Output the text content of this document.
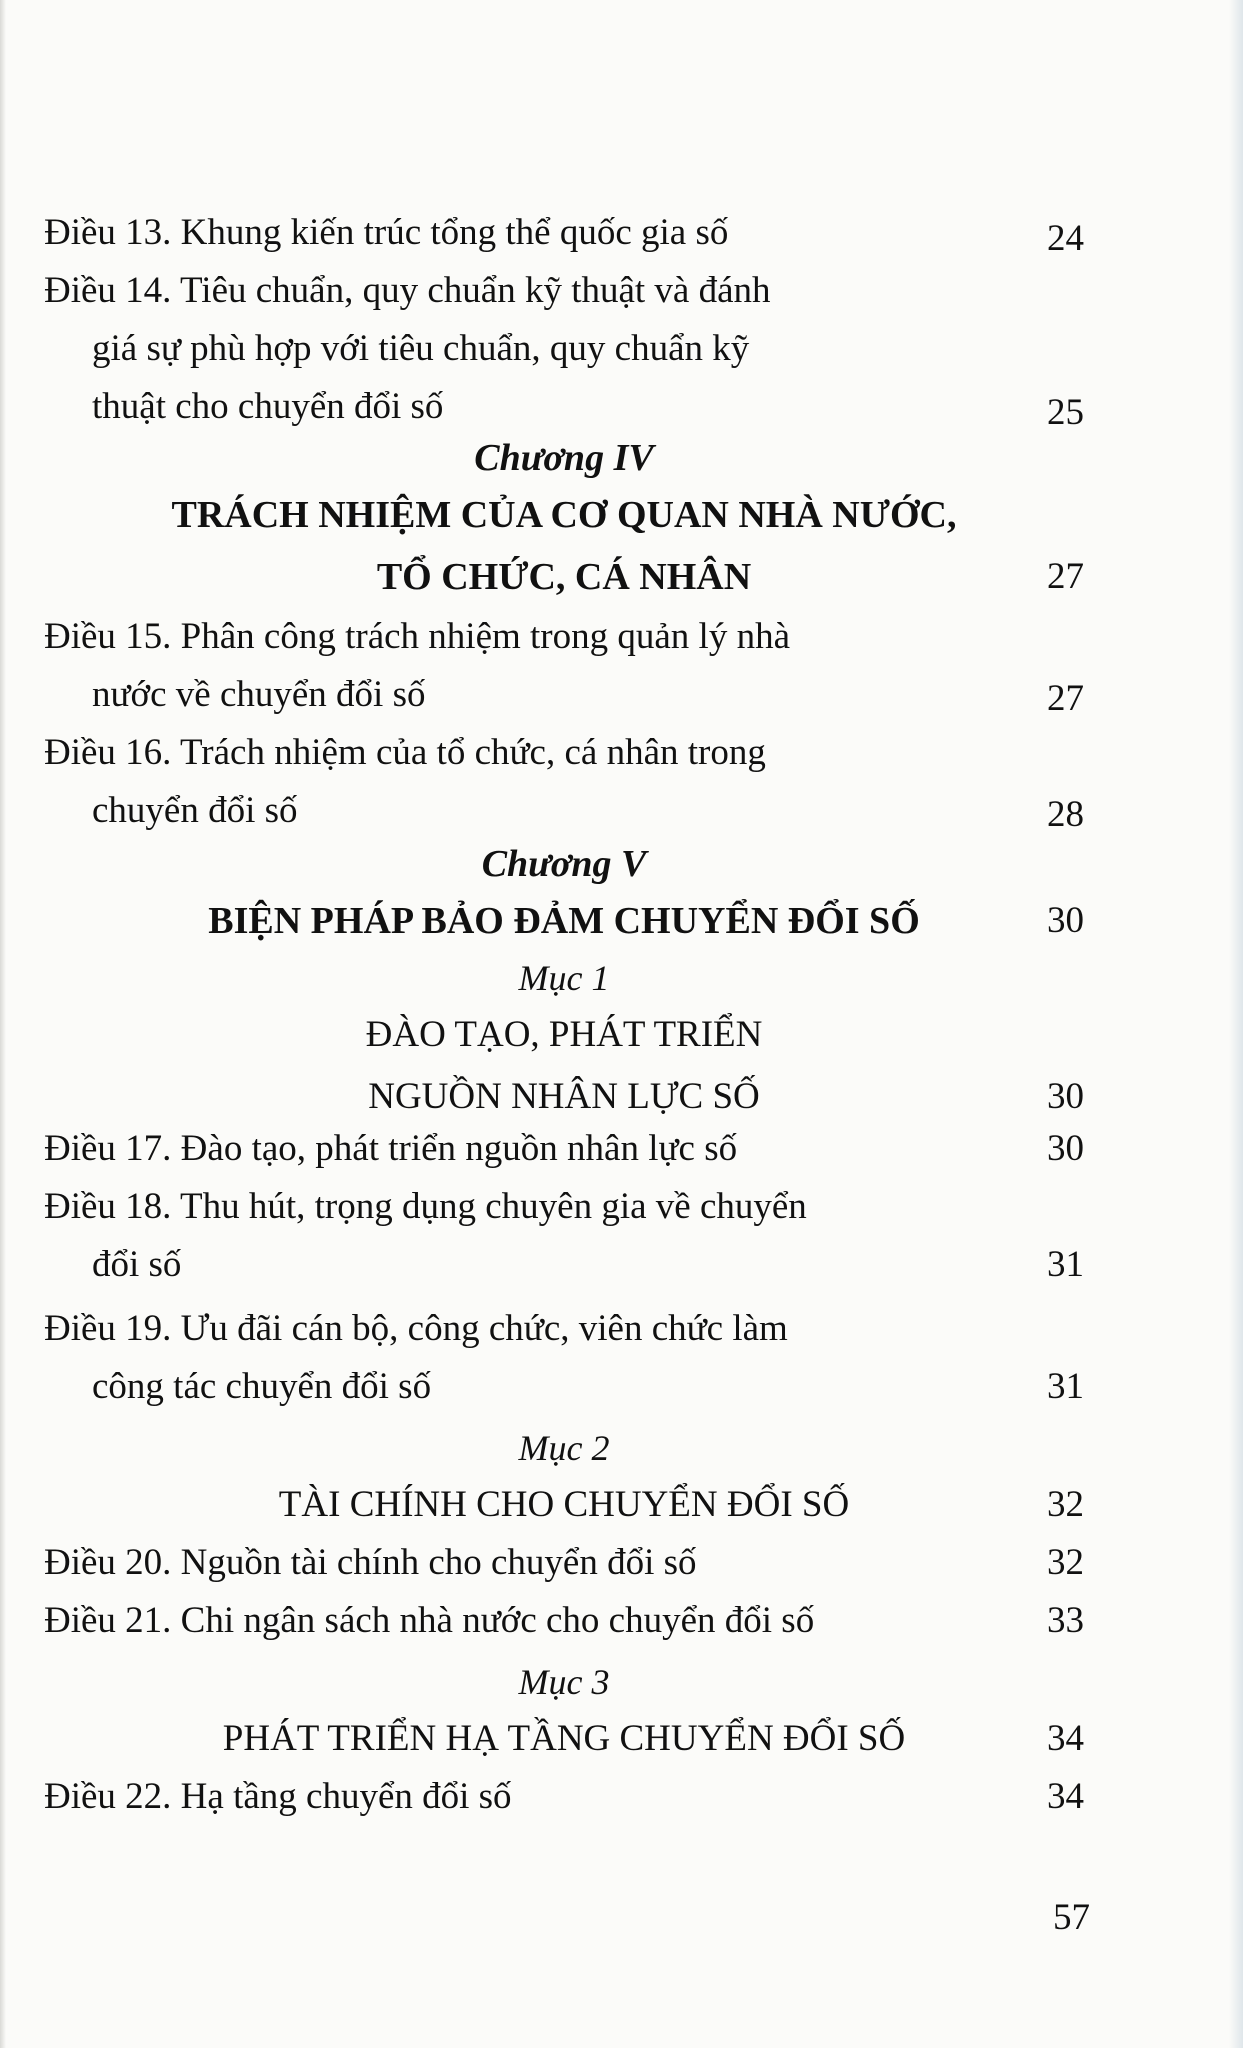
Điều 13. Khung kiến trúc tổng thể quốc gia số	24
Điều 14. Tiêu chuẩn, quy chuẩn kỹ thuật và đánh
giá sự phù hợp với tiêu chuẩn, quy chuẩn kỹ
thuật cho chuyển đổi số	25
Chương IV
TRÁCH NHIỆM CỦA CƠ QUAN NHÀ NƯỚC,
TỔ CHỨC, CÁ NHÂN	27
Điều 15. Phân công trách nhiệm trong quản lý nhà
nước về chuyển đổi số	27
Điều 16. Trách nhiệm của tổ chức, cá nhân trong
chuyển đổi số	28
Chương V
BIỆN PHÁP BẢO ĐẢM CHUYỂN ĐỔI SỐ	30
Mục 1
ĐÀO TẠO, PHÁT TRIỂN
NGUỒN NHÂN LỰC SỐ	30
Điều 17. Đào tạo, phát triển nguồn nhân lực số	30
Điều 18. Thu hút, trọng dụng chuyên gia về chuyển
đổi số	31
Điều 19. Ưu đãi cán bộ, công chức, viên chức làm
công tác chuyển đổi số	31
Mục 2
TÀI CHÍNH CHO CHUYỂN ĐỔI SỐ	32
Điều 20. Nguồn tài chính cho chuyển đổi số	32
Điều 21. Chi ngân sách nhà nước cho chuyển đổi số	33
Mục 3
PHÁT TRIỂN HẠ TẦNG CHUYỂN ĐỔI SỐ	34
Điều 22. Hạ tầng chuyển đổi số	34
57
